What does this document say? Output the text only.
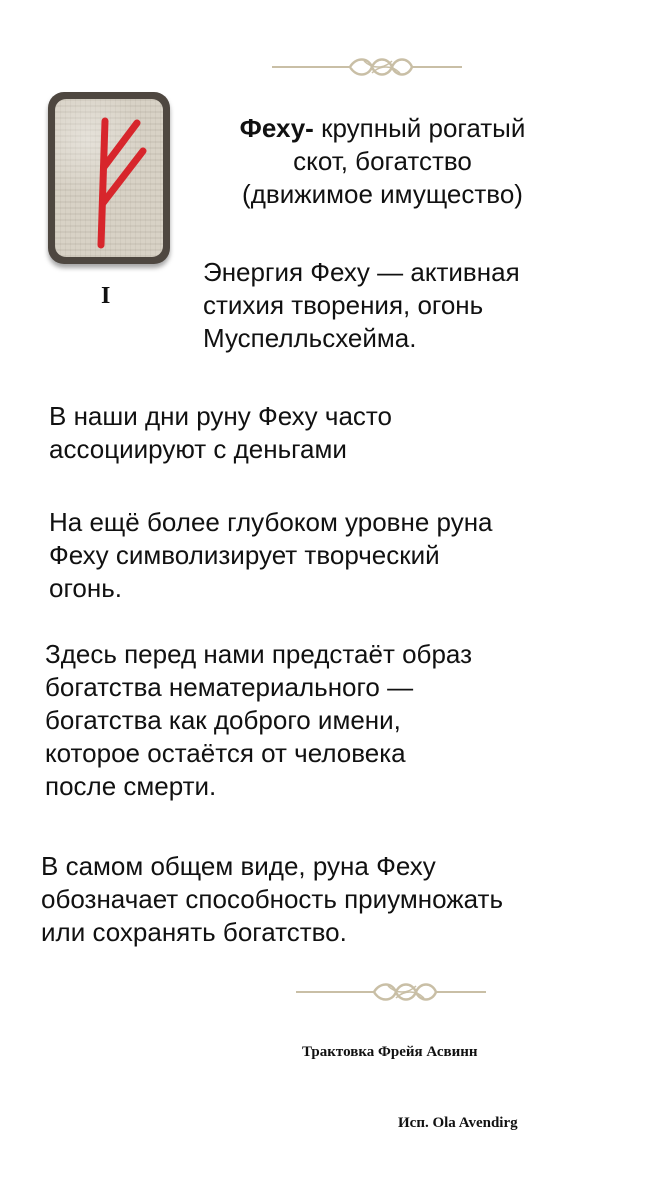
I

Феху- крупный рогатый
скот, богатство
(движимое имущество)

Энергия Феху — активная
стихия творения, огонь
Муспелльсхейма.

В наши дни руну Феху часто
ассоциируют с деньгами

На ещё более глубоком уровне руна
Феху символизирует творческий
огонь.

Здесь перед нами предстаёт образ
богатства нематериального —
богатства как доброго имени,
которое остаётся от человека
после смерти.

В самом общем виде, руна Феху
обозначает способность приумножать
или сохранять богатство.

Трактовка Фрейя Асвинн
Исп. Ola Avendirg
